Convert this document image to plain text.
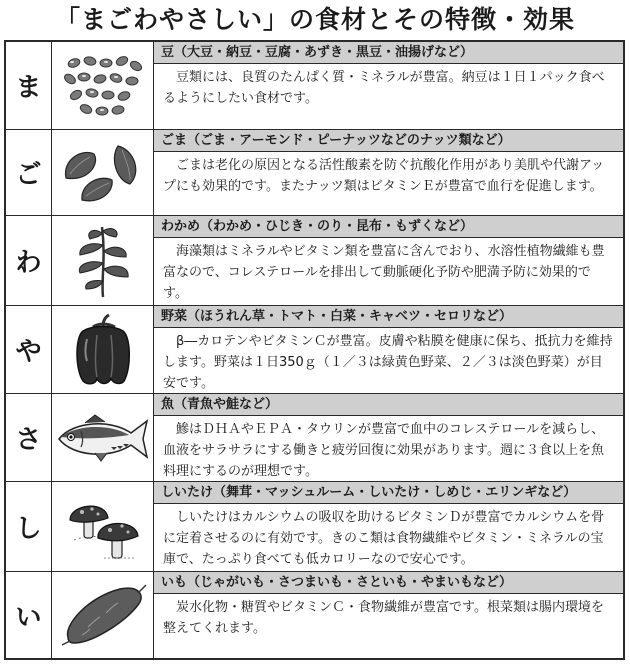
「まごわやさしい」の食材とその特徴・効果
ま
豆（大豆・納豆・豆腐・あずき・黒豆・油揚げなど）
豆類には、良質のたんぱく質・ミネラルが豊富。納豆は１日１パック食べるようにしたい食材です。
ご
ごま（ごま・アーモンド・ピーナッツなどのナッツ類など）
ごまは老化の原因となる活性酸素を防ぐ抗酸化作用があり美肌や代謝アップにも効果的です。またナッツ類はビタミンＥが豊富で血行を促進します。
わ
わかめ（わかめ・ひじき・のり・昆布・もずくなど）
海藻類はミネラルやビタミン類を豊富に含んでおり、水溶性植物繊維も豊富なので、コレステロールを排出して動脈硬化予防や肥満予防に効果的です。
や
野菜（ほうれん草・トマト・白菜・キャベツ・セロリなど）
β―カロテンやビタミンＣが豊富。皮膚や粘膜を健康に保ち、抵抗力を維持します。野菜は１日350ｇ（１／３は緑黄色野菜、２／３は淡色野菜）が目安です。
さ
魚（青魚や鮭など）
鰺はＤＨＡやＥＰＡ・タウリンが豊富で血中のコレステロールを減らし、血液をサラサラにする働きと疲労回復に効果があります。週に３食以上を魚料理にするのが理想です。
し
しいたけ（舞茸・マッシュルーム・しいたけ・しめじ・エリンギなど）
しいたけはカルシウムの吸収を助けるビタミンＤが豊富でカルシウムを骨に定着させるのに有効です。きのこ類は食物繊維やビタミン・ミネラルの宝庫で、たっぷり食べても低カロリーなので安心です。
い
いも（じゃがいも・さつまいも・さといも・やまいもなど）
炭水化物・糖質やビタミンＣ・食物繊維が豊富です。根菜類は腸内環境を整えてくれます。
